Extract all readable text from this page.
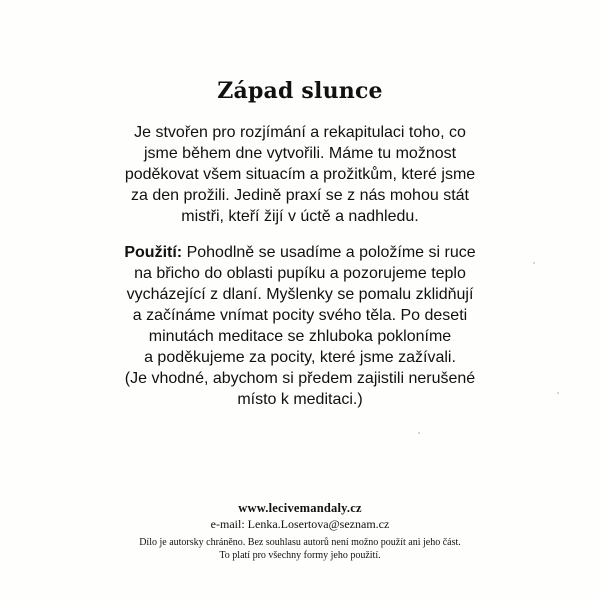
Západ slunce
Je stvořen pro rozjímání a rekapitulaci toho, co
jsme během dne vytvořili. Máme tu možnost
poděkovat všem situacím a prožitkům, které jsme
za den prožili. Jedině praxí se z nás mohou stát
mistři, kteří žijí v úctě a nadhledu.
Použití: Pohodlně se usadíme a položíme si ruce
na břicho do oblasti pupíku a pozorujeme teplo
vycházející z dlaní. Myšlenky se pomalu zklidňují
a začínáme vnímat pocity svého těla. Po deseti
minutách meditace se zhluboka pokloníme
a poděkujeme za pocity, které jsme zažívali.
(Je vhodné, abychom si předem zajistili nerušené
místo k meditaci.)
www.lecivemandaly.cz
e-mail: Lenka.Losertova@seznam.cz
Dílo je autorsky chráněno. Bez souhlasu autorů není možno použít ani jeho část.
To platí pro všechny formy jeho použití.
